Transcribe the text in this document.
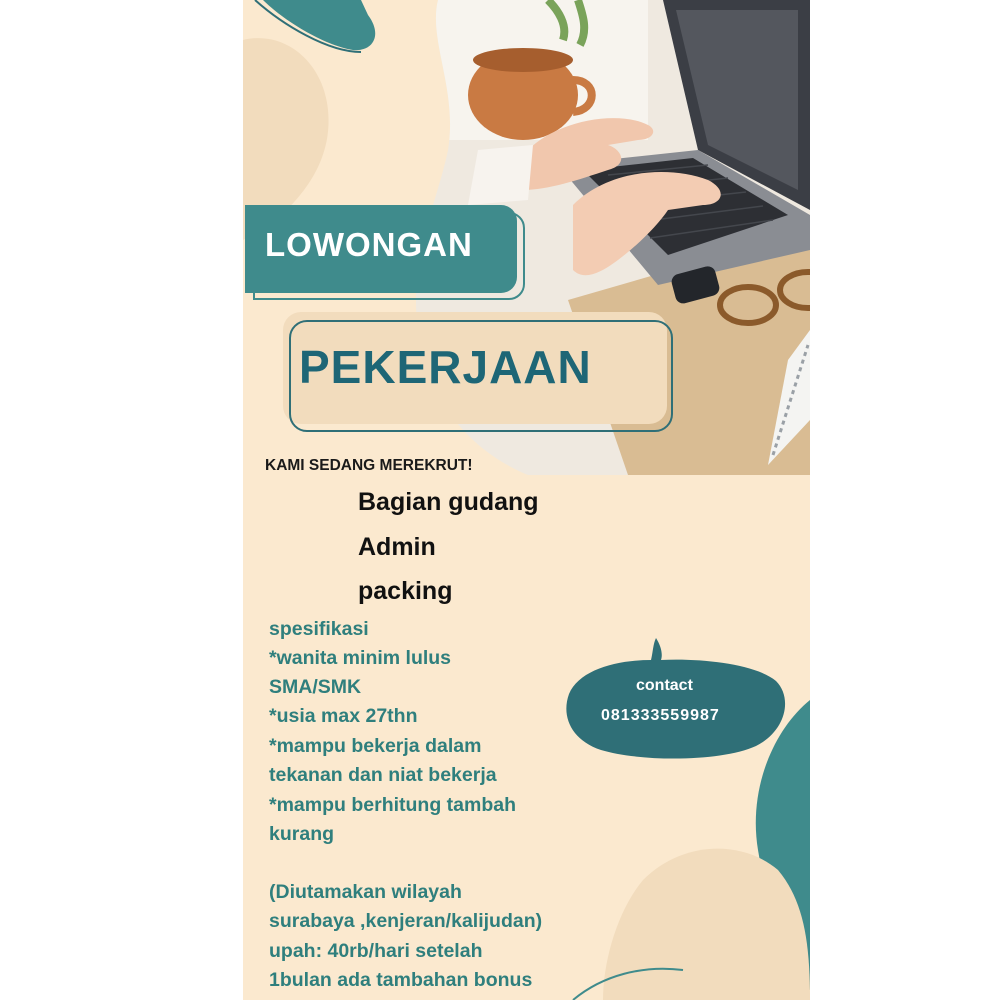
LOWONGAN
PEKERJAAN
KAMI SEDANG MEREKRUT!
Bagian gudang
Admin
packing
spesifikasi
*wanita minim lulus
SMA/SMK
*usia max 27thn
*mampu bekerja dalam
tekanan dan niat bekerja
*mampu berhitung tambah
kurang
(Diutamakan wilayah
surabaya ,kenjeran/kalijudan)
upah: 40rb/hari setelah
1bulan ada tambahan bonus
contact
081333559987
